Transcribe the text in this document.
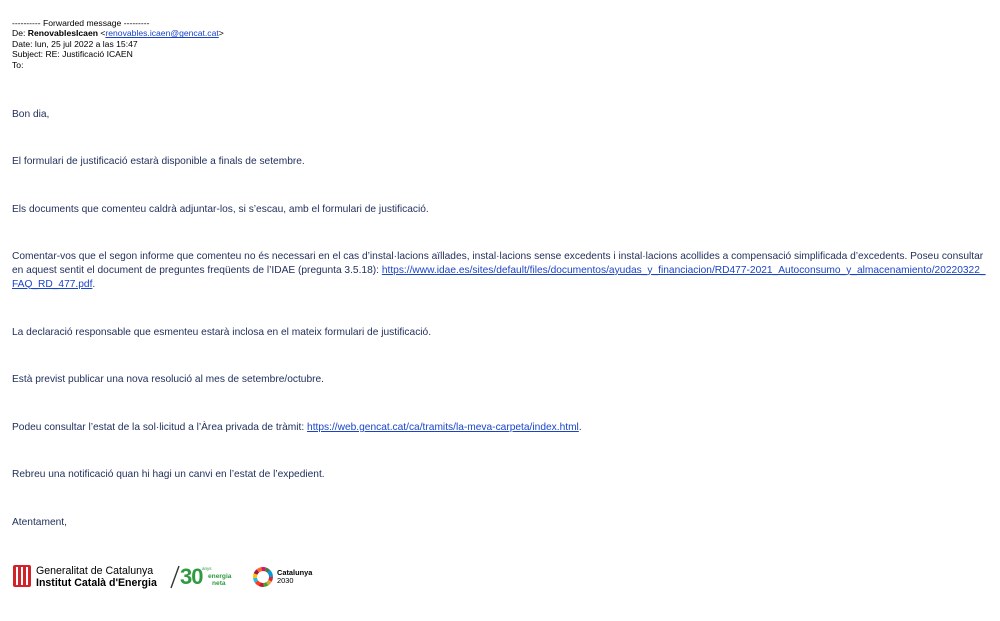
---------- Forwarded message ---------
De: RenovablesIcaen <renovables.icaen@gencat.cat>
Date: lun, 25 jul 2022 a las 15:47
Subject: RE: Justificació ICAEN
To:

Bon dia,

El formulari de justificació estarà disponible a finals de setembre.

Els documents que comenteu caldrà adjuntar-los, si s’escau, amb el formulari de justificació.

Comentar-vos que el segon informe que comenteu no és necessari en el cas d’instal·lacions aïllades, instal·lacions sense excedents i instal·lacions acollides a compensació simplificada d’excedents. Poseu consultar en aquest sentit el document de preguntes freqüents de l’IDAE (pregunta 3.5.18): https://www.idae.es/sites/default/files/documentos/ayudas_y_financiacion/RD477-2021_Autoconsumo_y_almacenamiento/20220322_FAQ_RD_477.pdf.

La declaració responsable que esmenteu estarà inclosa en el mateix formulari de justificació.

Està previst publicar una nova resolució al mes de setembre/octubre.

Podeu consultar l’estat de la sol·licitud a l’Àrea privada de tràmit: https://web.gencat.cat/ca/tramits/la-meva-carpeta/index.html.

Rebreu una notificació quan hi hagi un canvi en l’estat de l’expedient.

Atentament,

Generalitat de Catalunya
Institut Català d'Energia 30 anys
energia
neta
Catalunya
2030
